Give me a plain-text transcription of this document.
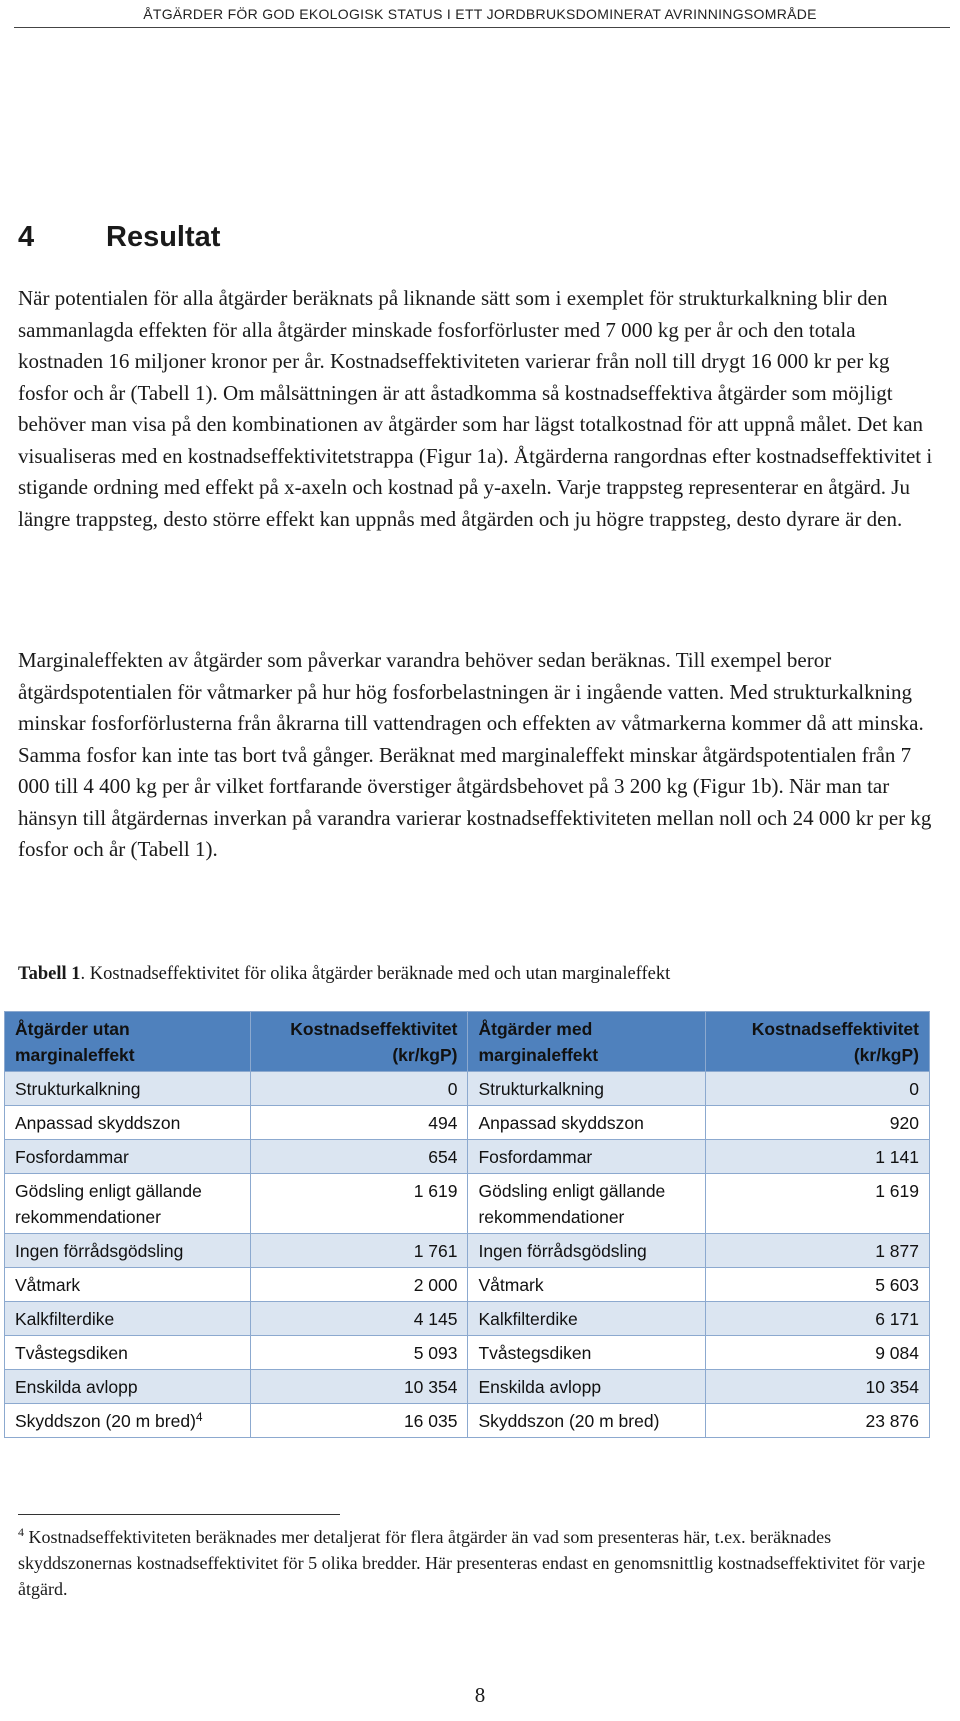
ÅTGÄRDER FÖR GOD EKOLOGISK STATUS I ETT JORDBRUKSDOMINERAT AVRINNINGSOMRÅDE
4 Resultat

När potentialen för alla åtgärder beräknats på liknande sätt som i exemplet för strukturkalkning blir den sammanlagda effekten för alla åtgärder minskade fosforförluster med 7 000 kg per år och den totala kostnaden 16 miljoner kronor per år. Kostnadseffektiviteten varierar från noll till drygt 16 000 kr per kg fosfor och år (Tabell 1). Om målsättningen är att åstadkomma så kostnadseffektiva åtgärder som möjligt behöver man visa på den kombinationen av åtgärder som har lägst totalkostnad för att uppnå målet. Det kan visualiseras med en kostnadseffektivitetstrappa (Figur 1a). Åtgärderna rangordnas efter kostnadseffektivitet i stigande ordning med effekt på x-axeln och kostnad på y-axeln. Varje trappsteg representerar en åtgärd. Ju längre trappsteg, desto större effekt kan uppnås med åtgärden och ju högre trappsteg, desto dyrare är den.

Marginaleffekten av åtgärder som påverkar varandra behöver sedan beräknas. Till exempel beror åtgärdspotentialen för våtmarker på hur hög fosforbelastningen är i ingående vatten. Med strukturkalkning minskar fosforförlusterna från åkrarna till vattendragen och effekten av våtmarkerna kommer då att minska. Samma fosfor kan inte tas bort två gånger. Beräknat med marginaleffekt minskar åtgärdspotentialen från 7 000 till 4 400 kg per år vilket fortfarande överstiger åtgärdsbehovet på 3 200 kg (Figur 1b). När man tar hänsyn till åtgärdernas inverkan på varandra varierar kostnadseffektiviteten mellan noll och 24 000 kr per kg fosfor och år (Tabell 1).

Tabell 1. Kostnadseffektivitet för olika åtgärder beräknade med och utan marginaleffekt
Åtgärder utan marginaleffekt	Kostnadseffektivitet (kr/kgP)	Åtgärder med marginaleffekt	Kostnadseffektivitet (kr/kgP)
Strukturkalkning	0	Strukturkalkning	0
Anpassad skyddszon	494	Anpassad skyddszon	920
Fosfordammar	654	Fosfordammar	1 141
Gödsling enligt gällande rekommendationer	1 619	Gödsling enligt gällande rekommendationer	1 619
Ingen förrådsgödsling	1 761	Ingen förrådsgödsling	1 877
Våtmark	2 000	Våtmark	5 603
Kalkfilterdike	4 145	Kalkfilterdike	6 171
Tvåstegsdiken	5 093	Tvåstegsdiken	9 084
Enskilda avlopp	10 354	Enskilda avlopp	10 354
Skyddszon (20 m bred)$^4$	16 035	Skyddszon (20 m bred)	23 876

$^4$ Kostnadseffektiviteten beräknades mer detaljerat för flera åtgärder än vad som presenteras här, t.ex. beräknades skyddszonernas kostnadseffektivitet för 5 olika bredder. Här presenteras endast en genomsnittlig kostnadseffektivitet för varje åtgärd.

8
